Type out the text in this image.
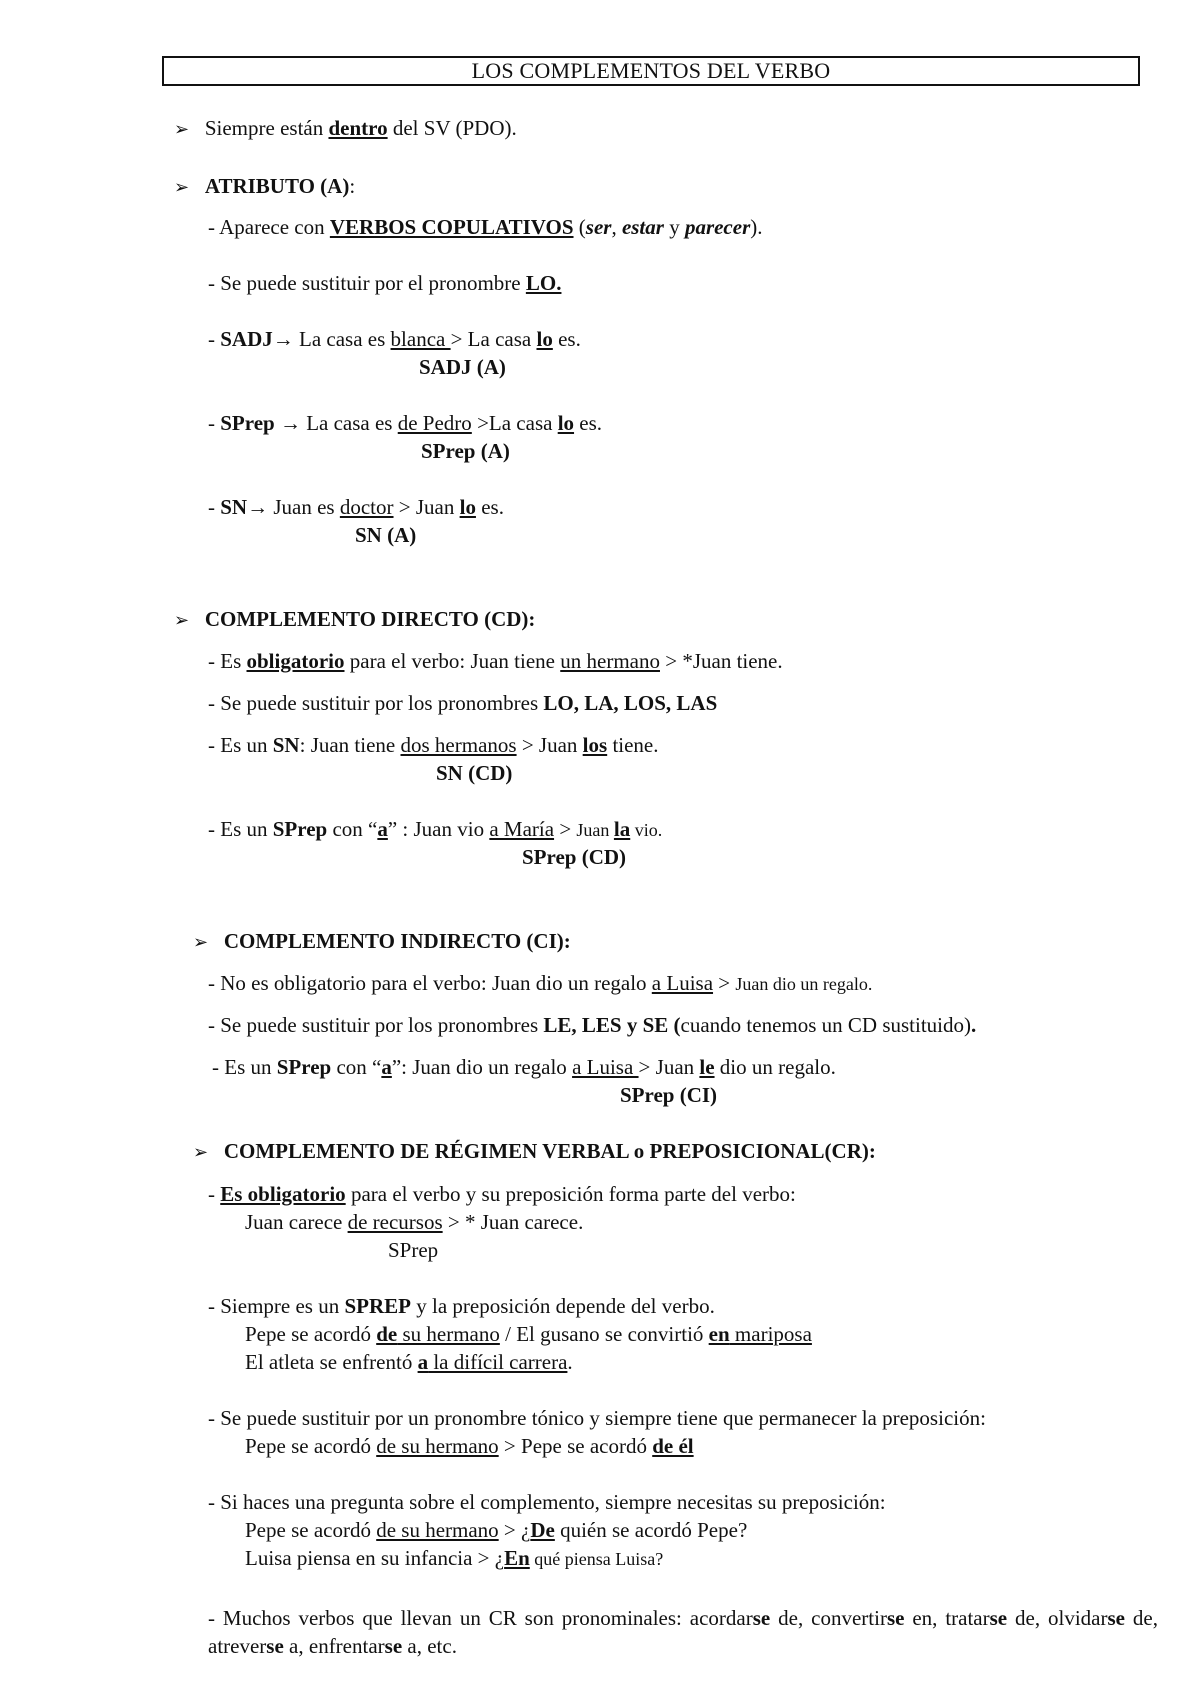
LOS COMPLEMENTOS DEL VERBO
➢ Siempre están dentro del SV (PDO).
➢ ATRIBUTO (A):
- Aparece con VERBOS COPULATIVOS (ser, estar y parecer).
- Se puede sustituir por el pronombre LO.
- SADJ→ La casa es blanca > La casa lo es.
SADJ (A)
- SPrep → La casa es de Pedro >La casa lo es.
SPrep (A)
- SN→ Juan es doctor > Juan lo es.
SN (A)
➢ COMPLEMENTO DIRECTO (CD):
- Es obligatorio para el verbo: Juan tiene un hermano > *Juan tiene.
- Se puede sustituir por los pronombres LO, LA, LOS, LAS
- Es un SN: Juan tiene dos hermanos > Juan los tiene.
SN (CD)
- Es un SPrep con “a” : Juan vio a María > Juan la vio.
SPrep (CD)
➢ COMPLEMENTO INDIRECTO (CI):
- No es obligatorio para el verbo: Juan dio un regalo a Luisa > Juan dio un regalo.
- Se puede sustituir por los pronombres LE, LES y SE (cuando tenemos un CD sustituido).
- Es un SPrep con “a”: Juan dio un regalo a Luisa > Juan le dio un regalo.
SPrep (CI)
➢ COMPLEMENTO DE RÉGIMEN VERBAL o PREPOSICIONAL(CR):
- Es obligatorio para el verbo y su preposición forma parte del verbo:
Juan carece de recursos > * Juan carece.
SPrep
- Siempre es un SPREP y la preposición depende del verbo.
Pepe se acordó de su hermano / El gusano se convirtió en mariposa
El atleta se enfrentó a la difícil carrera.
- Se puede sustituir por un pronombre tónico y siempre tiene que permanecer la preposición:
Pepe se acordó de su hermano > Pepe se acordó de él
- Si haces una pregunta sobre el complemento, siempre necesitas su preposición:
Pepe se acordó de su hermano > ¿De quién se acordó Pepe?
Luisa piensa en su infancia > ¿En qué piensa Luisa?
- Muchos verbos que llevan un CR son pronominales: acordarse de, convertirse en, tratarse de, olvidarse de, atreverse a, enfrentarse a, etc.
